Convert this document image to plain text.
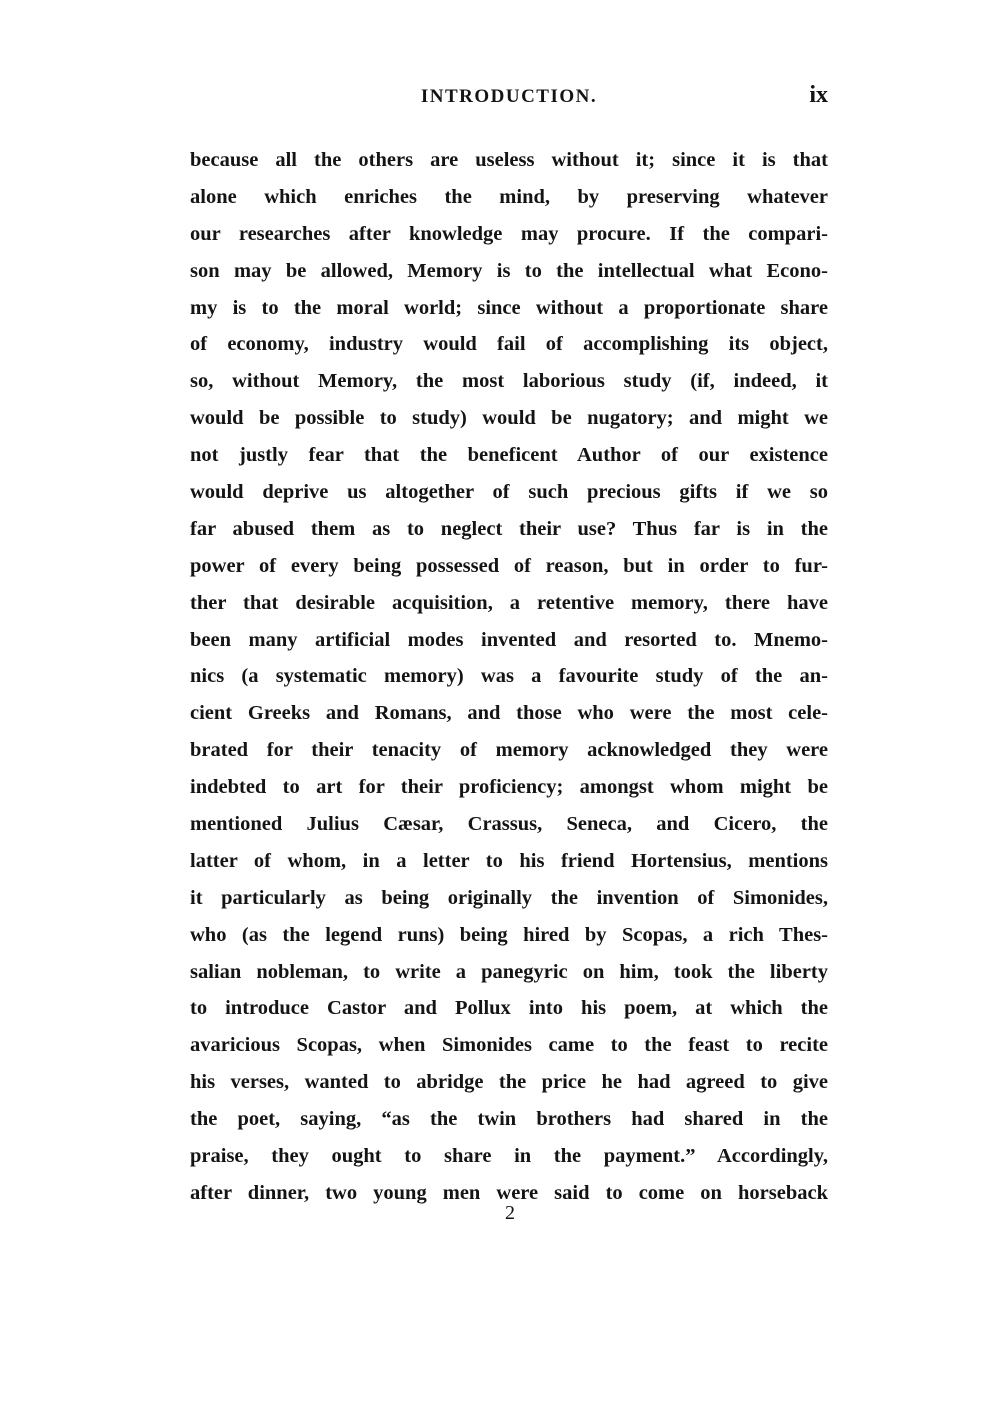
INTRODUCTION.	ix
because all the others are useless without it; since it is that
alone which enriches the mind, by preserving whatever
our researches after knowledge may procure. If the compari-
son may be allowed, Memory is to the intellectual what Econo-
my is to the moral world; since without a proportionate share
of economy, industry would fail of accomplishing its object,
so, without Memory, the most laborious study (if, indeed, it
would be possible to study) would be nugatory; and might we
not justly fear that the beneficent Author of our existence
would deprive us altogether of such precious gifts if we so
far abused them as to neglect their use? Thus far is in the
power of every being possessed of reason, but in order to fur-
ther that desirable acquisition, a retentive memory, there have
been many artificial modes invented and resorted to. Mnemo-
nics (a systematic memory) was a favourite study of the an-
cient Greeks and Romans, and those who were the most cele-
brated for their tenacity of memory acknowledged they were
indebted to art for their proficiency; amongst whom might be
mentioned Julius Cæsar, Crassus, Seneca, and Cicero, the
latter of whom, in a letter to his friend Hortensius, mentions
it particularly as being originally the invention of Simonides,
who (as the legend runs) being hired by Scopas, a rich Thes-
salian nobleman, to write a panegyric on him, took the liberty
to introduce Castor and Pollux into his poem, at which the
avaricious Scopas, when Simonides came to the feast to recite
his verses, wanted to abridge the price he had agreed to give
the poet, saying, “as the twin brothers had shared in the
praise, they ought to share in the payment.” Accordingly,
after dinner, two young men were said to come on horseback
2
